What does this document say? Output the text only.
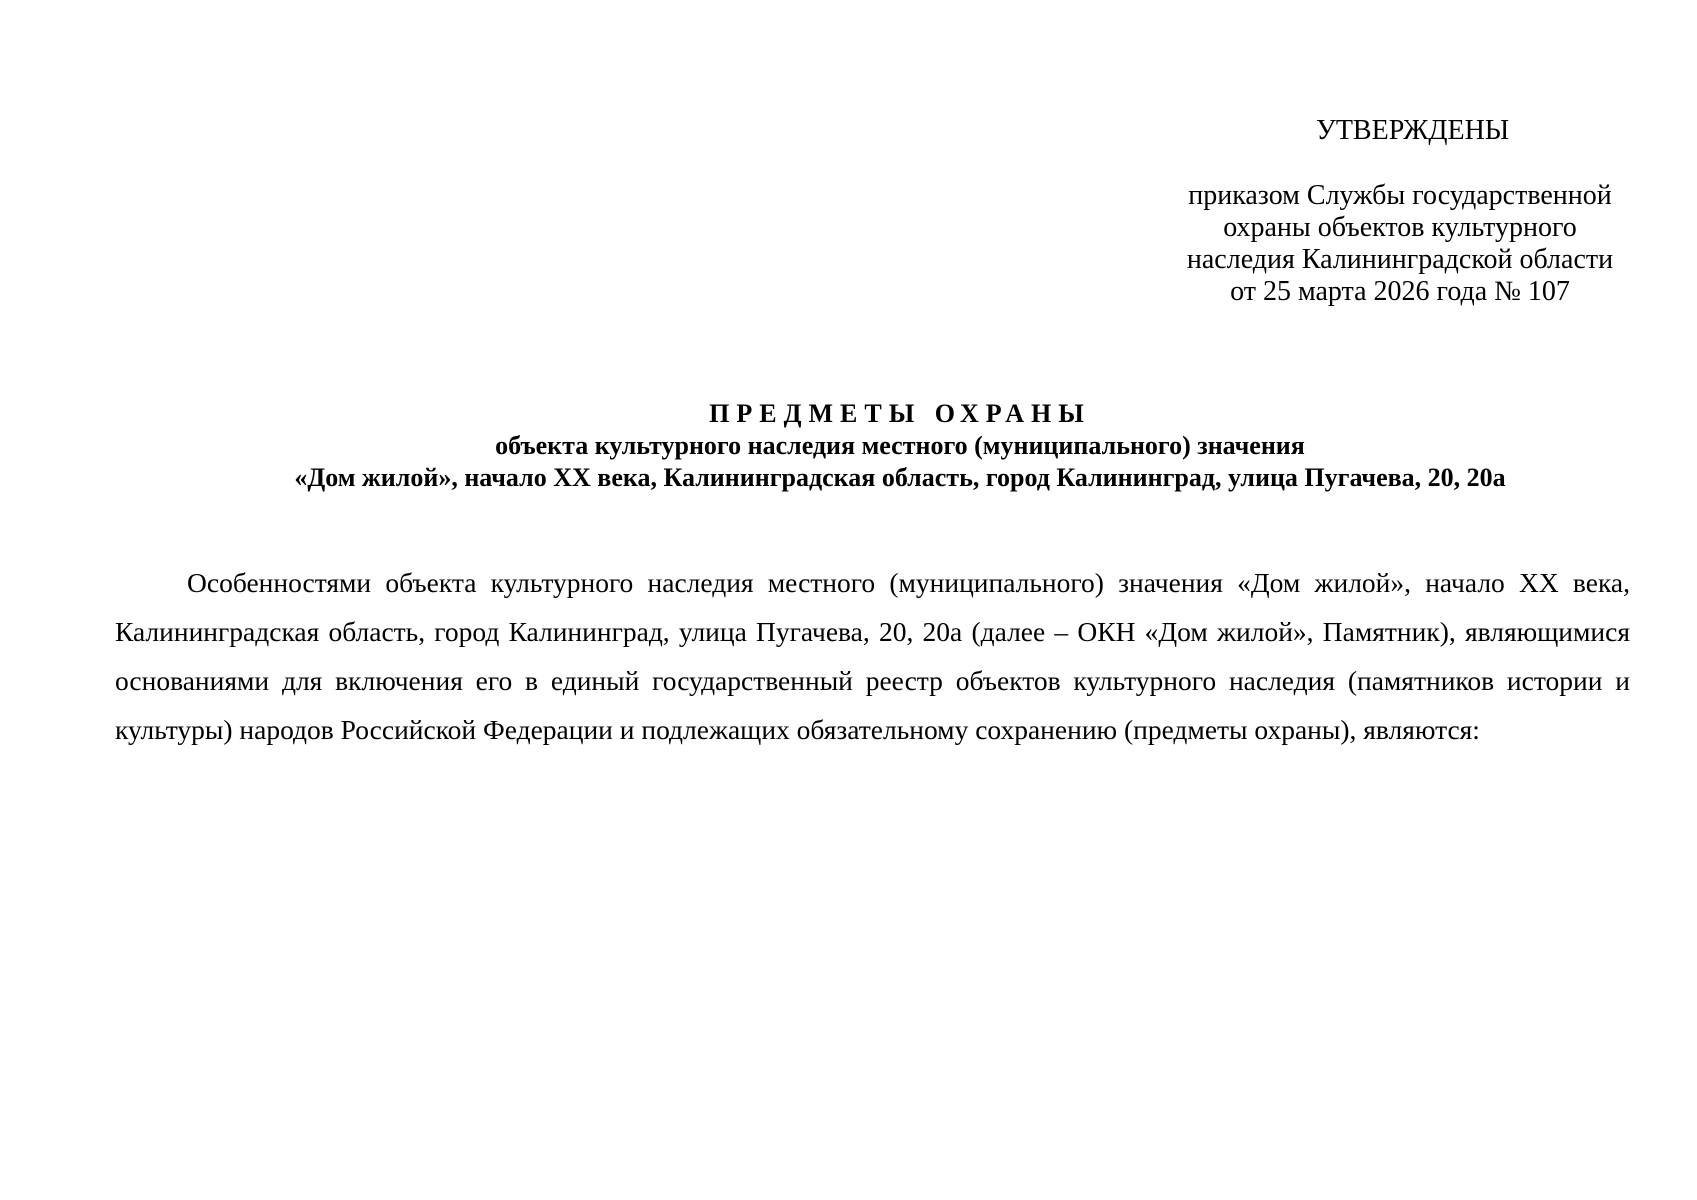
УТВЕРЖДЕНЫ
приказом Службы государственной
охраны объектов культурного
наследия Калининградской области
от 25 марта 2026 года № 107
ПРЕДМЕТЫ ОХРАНЫ
объекта культурного наследия местного (муниципального) значения
«Дом жилой», начало XX века, Калининградская область, город Калининград, улица Пугачева, 20, 20а
Особенностями объекта культурного наследия местного (муниципального) значения «Дом жилой», начало XX века, Калининградская область, город Калининград, улица Пугачева, 20, 20а (далее – ОКН «Дом жилой», Памятник), являющимися основаниями для включения его в единый государственный реестр объектов культурного наследия (памятников истории и культуры) народов Российской Федерации и подлежащих обязательному сохранению (предметы охраны), являются:
